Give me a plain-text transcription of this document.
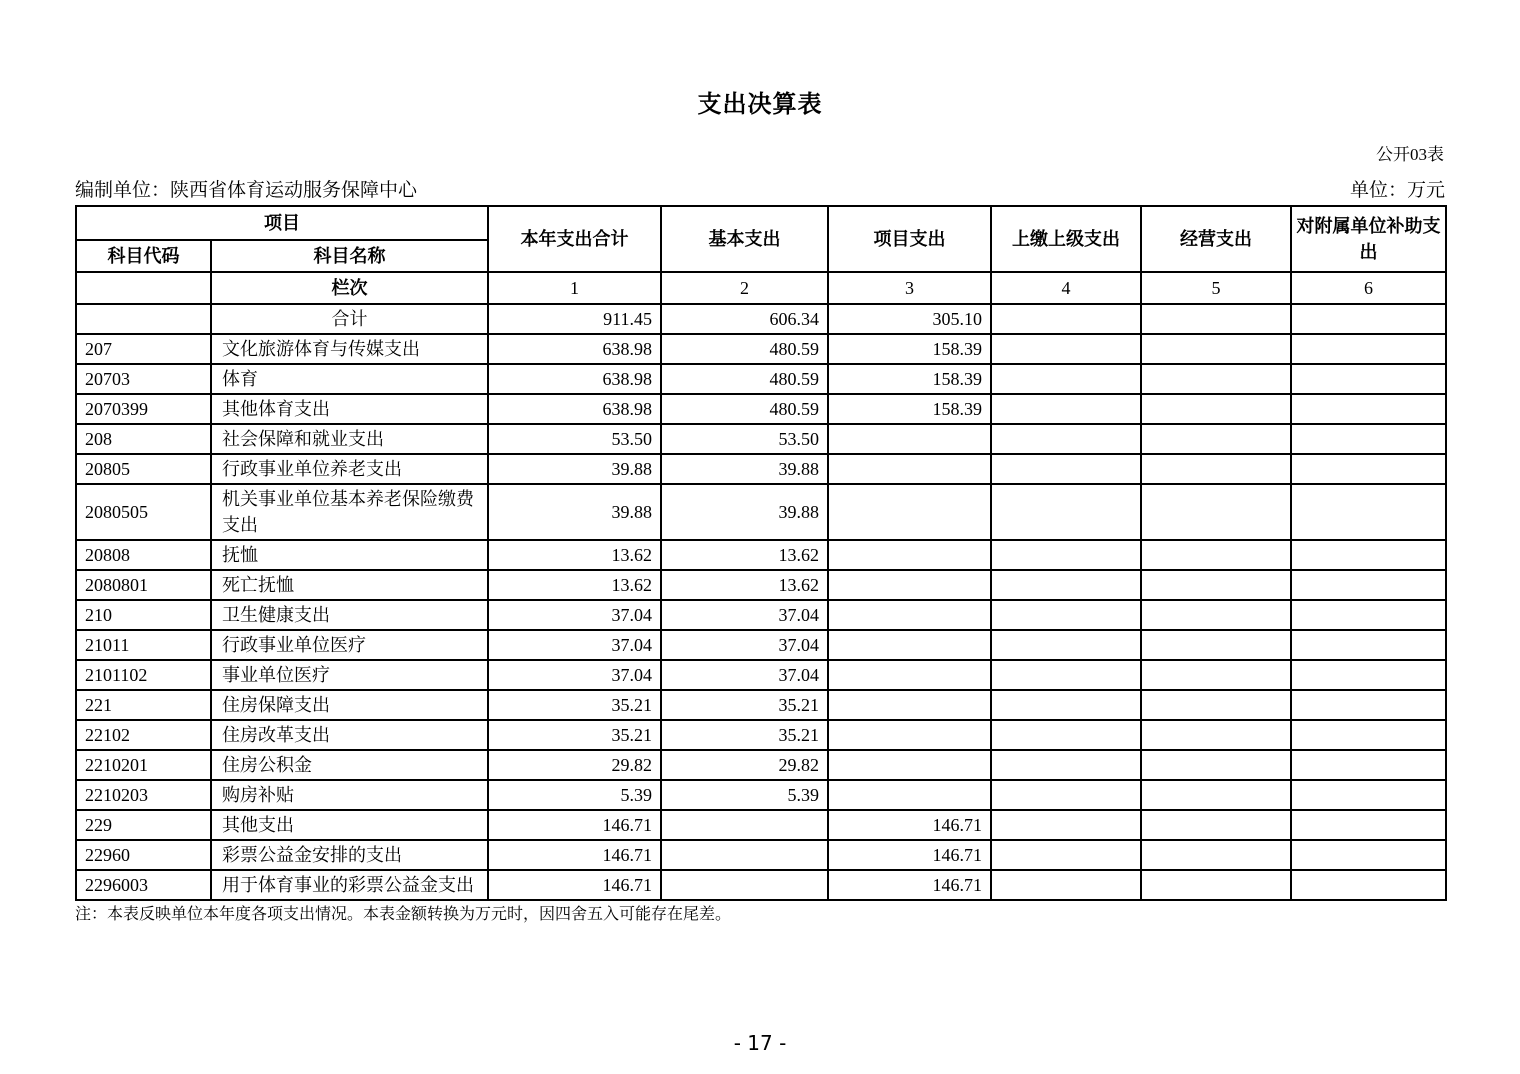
支出决算表
公开03表
编制单位：陕西省体育运动服务保障中心	单位：万元
项目		本年支出合计	基本支出	项目支出	上缴上级支出	经营支出	对附属单位补助支出
科目代码	科目名称						
	栏次	1	2	3	4	5	6
	合计	911.45	606.34	305.10			
207	文化旅游体育与传媒支出	638.98	480.59	158.39			
20703	体育	638.98	480.59	158.39			
2070399	其他体育支出	638.98	480.59	158.39			
208	社会保障和就业支出	53.50	53.50				
20805	行政事业单位养老支出	39.88	39.88				
2080505	机关事业单位基本养老保险缴费支出	39.88	39.88				
20808	抚恤	13.62	13.62				
2080801	死亡抚恤	13.62	13.62				
210	卫生健康支出	37.04	37.04				
21011	行政事业单位医疗	37.04	37.04				
2101102	事业单位医疗	37.04	37.04				
221	住房保障支出	35.21	35.21				
22102	住房改革支出	35.21	35.21				
2210201	住房公积金	29.82	29.82				
2210203	购房补贴	5.39	5.39				
229	其他支出	146.71		146.71			
22960	彩票公益金安排的支出	146.71		146.71			
2296003	用于体育事业的彩票公益金支出	146.71		146.71			
注：本表反映单位本年度各项支出情况。本表金额转换为万元时，因四舍五入可能存在尾差。
- 17 -
